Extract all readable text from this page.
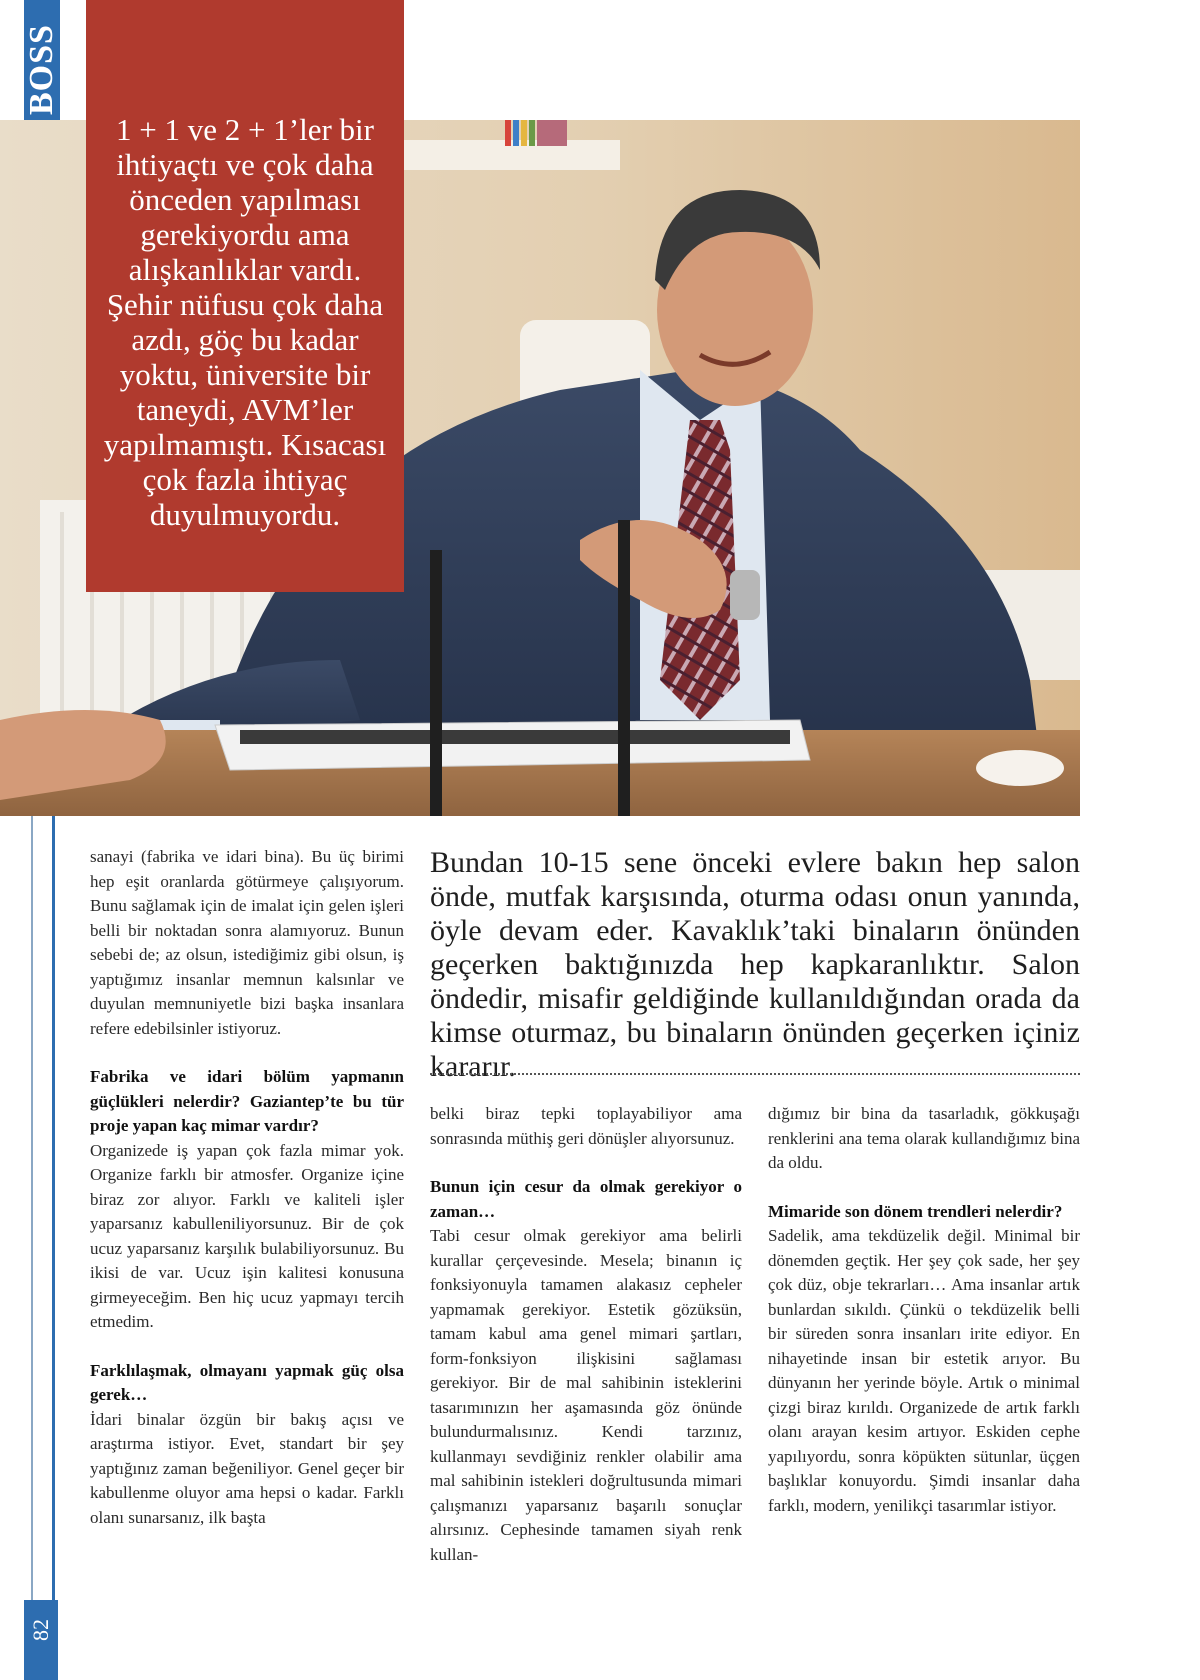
BOSS
1 + 1 ve 2 + 1’ler bir ihtiyaçtı ve çok daha önceden yapılması gerekiyordu ama alışkanlıklar vardı. Şehir nüfusu çok daha azdı, göç bu kadar yoktu, üniversite bir taneydi, AVM’ler yapılmamıştı. Kısacası çok fazla ihtiyaç duyulmuyordu.

sanayi (fabrika ve idari bina). Bu üç birimi hep eşit oranlarda götürmeye çalışıyorum. Bunu sağlamak için de imalat için gelen işleri belli bir noktadan sonra alamıyoruz. Bunun sebebi de; az olsun, istediğimiz gibi olsun, iş yaptığımız insanlar memnun kalsınlar ve duyulan memnuniyetle bizi başka insanlara refere edebilsinler istiyoruz.

Fabrika ve idari bölüm yapmanın güçlükleri nelerdir? Gaziantep’te bu tür proje yapan kaç mimar vardır?

Organizede iş yapan çok fazla mimar yok. Organize farklı bir atmosfer. Organize içine biraz zor alıyor. Farklı ve kaliteli işler yaparsanız kabulleniliyorsunuz. Bir de çok ucuz yaparsanız karşılık bulabiliyorsunuz. Bu ikisi de var. Ucuz işin kalitesi konusuna girmeyeceğim. Ben hiç ucuz yapmayı tercih etmedim.

Farklılaşmak, olmayanı yapmak güç olsa gerek…

İdari binalar özgün bir bakış açısı ve araştırma istiyor. Evet, standart bir şey yaptığınız zaman beğeniliyor. Genel geçer bir kabullenme oluyor ama hepsi o kadar. Farklı olanı sunarsanız, ilk başta

Bundan 10-15 sene önceki evlere bakın hep salon önde, mutfak karşısında, oturma odası onun yanında, öyle devam eder. Kavaklık’taki binaların önünden geçerken baktığınızda hep kapkaranlıktır. Salon öndedir, misafir geldiğinde kullanıldığından orada da kimse oturmaz, bu binaların önünden geçerken içiniz kararır.

belki biraz tepki toplayabiliyor ama sonrasında müthiş geri dönüşler alıyorsunuz.

Bunun için cesur da olmak gerekiyor o zaman…

Tabi cesur olmak gerekiyor ama belirli kurallar çerçevesinde. Mesela; binanın iç fonksiyonuyla tamamen alakasız cepheler yapmamak gerekiyor. Estetik gözüksün, tamam kabul ama genel mimari şartları, form-fonksiyon ilişkisini sağlaması gerekiyor. Bir de mal sahibinin isteklerini tasarımınızın her aşamasında göz önünde bulundurmalısınız. Kendi tarzınız, kullanmayı sevdiğiniz renkler olabilir ama mal sahibinin istekleri doğrultusunda mimari çalışmanızı yaparsanız başarılı sonuçlar alırsınız. Cephesinde tamamen siyah renk kullan-

dığımız bir bina da tasarladık, gökkuşağı renklerini ana tema olarak kullandığımız bina da oldu.

Mimaride son dönem trendleri nelerdir?

Sadelik, ama tekdüzelik değil. Minimal bir dönemden geçtik. Her şey çok sade, her şey çok düz, obje tekrarları… Ama insanlar artık bunlardan sıkıldı. Çünkü o tekdüzelik belli bir süreden sonra insanları irite ediyor. En nihayetinde insan bir estetik arıyor. Bu dünyanın her yerinde böyle. Artık o minimal çizgi biraz kırıldı. Organizede de artık farklı olanı arayan kesim artıyor. Eskiden cephe yapılıyordu, sonra köpükten sütunlar, üçgen başlıklar konuyordu. Şimdi insanlar daha farklı, modern, yenilikçi tasarımlar istiyor.

82
